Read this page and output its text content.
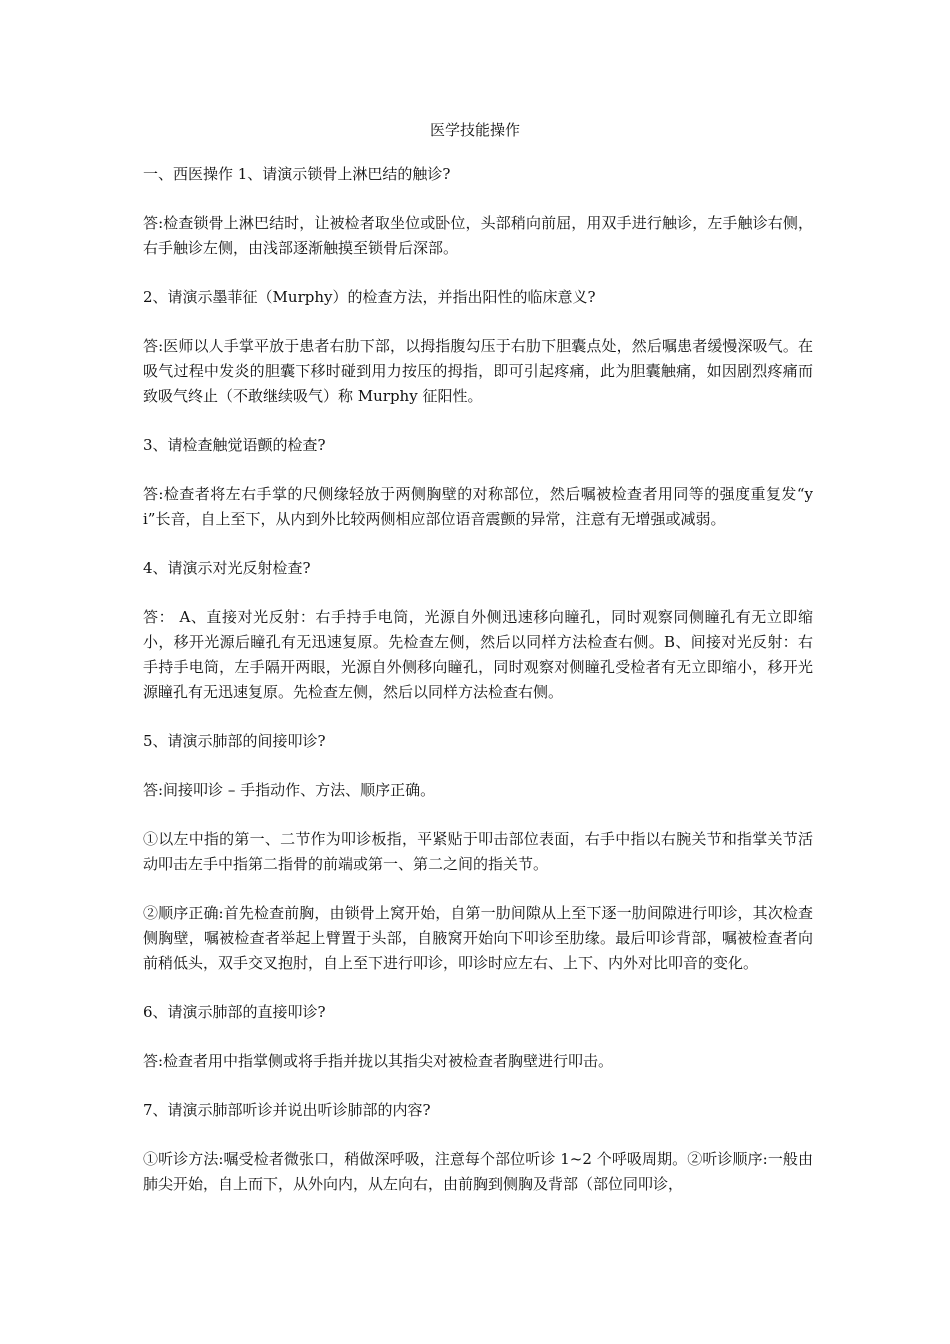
医学技能操作

一、西医操作 1、请演示锁骨上淋巴结的触诊?

答:检查锁骨上淋巴结时，让被检者取坐位或卧位，头部稍向前屈，用双手进行触诊，左手触诊右侧，右手触诊左侧，由浅部逐渐触摸至锁骨后深部。

2、请演示墨菲征（Murphy）的检查方法，并指出阳性的临床意义?

答:医师以人手掌平放于患者右肋下部，以拇指腹勾压于右肋下胆囊点处，然后嘱患者缓慢深吸气。在吸气过程中发炎的胆囊下移时碰到用力按压的拇指，即可引起疼痛，此为胆囊触痛，如因剧烈疼痛而致吸气终止（不敢继续吸气）称 Murphy 征阳性。

3、请检查触觉语颤的检查?

答:检查者将左右手掌的尺侧缘轻放于两侧胸壁的对称部位，然后嘱被检查者用同等的强度重复发“yi”长音，自上至下，从内到外比较两侧相应部位语音震颤的异常，注意有无增强或减弱。

4、请演示对光反射检查?

答： A、直接对光反射：右手持手电筒，光源自外侧迅速移向瞳孔，同时观察同侧瞳孔有无立即缩小，移开光源后瞳孔有无迅速复原。先检查左侧，然后以同样方法检查右侧。B、间接对光反射：右手持手电筒，左手隔开两眼，光源自外侧移向瞳孔，同时观察对侧瞳孔受检者有无立即缩小，移开光源瞳孔有无迅速复原。先检查左侧，然后以同样方法检查右侧。

5、请演示肺部的间接叩诊?

答:间接叩诊 – 手指动作、方法、顺序正确。

①以左中指的第一、二节作为叩诊板指，平紧贴于叩击部位表面，右手中指以右腕关节和指掌关节活动叩击左手中指第二指骨的前端或第一、第二之间的指关节。

②顺序正确:首先检查前胸，由锁骨上窝开始，自第一肋间隙从上至下逐一肋间隙进行叩诊，其次检查侧胸壁，嘱被检查者举起上臂置于头部，自腋窝开始向下叩诊至肋缘。最后叩诊背部，嘱被检查者向前稍低头，双手交叉抱肘，自上至下进行叩诊，叩诊时应左右、上下、内外对比叩音的变化。

6、请演示肺部的直接叩诊?

答:检查者用中指掌侧或将手指并拢以其指尖对被检查者胸壁进行叩击。

7、请演示肺部听诊并说出听诊肺部的内容?

①听诊方法:嘱受检者微张口，稍做深呼吸，注意每个部位听诊 1~2 个呼吸周期。②听诊顺序:一般由肺尖开始，自上而下，从外向内，从左向右，由前胸到侧胸及背部（部位同叩诊，
